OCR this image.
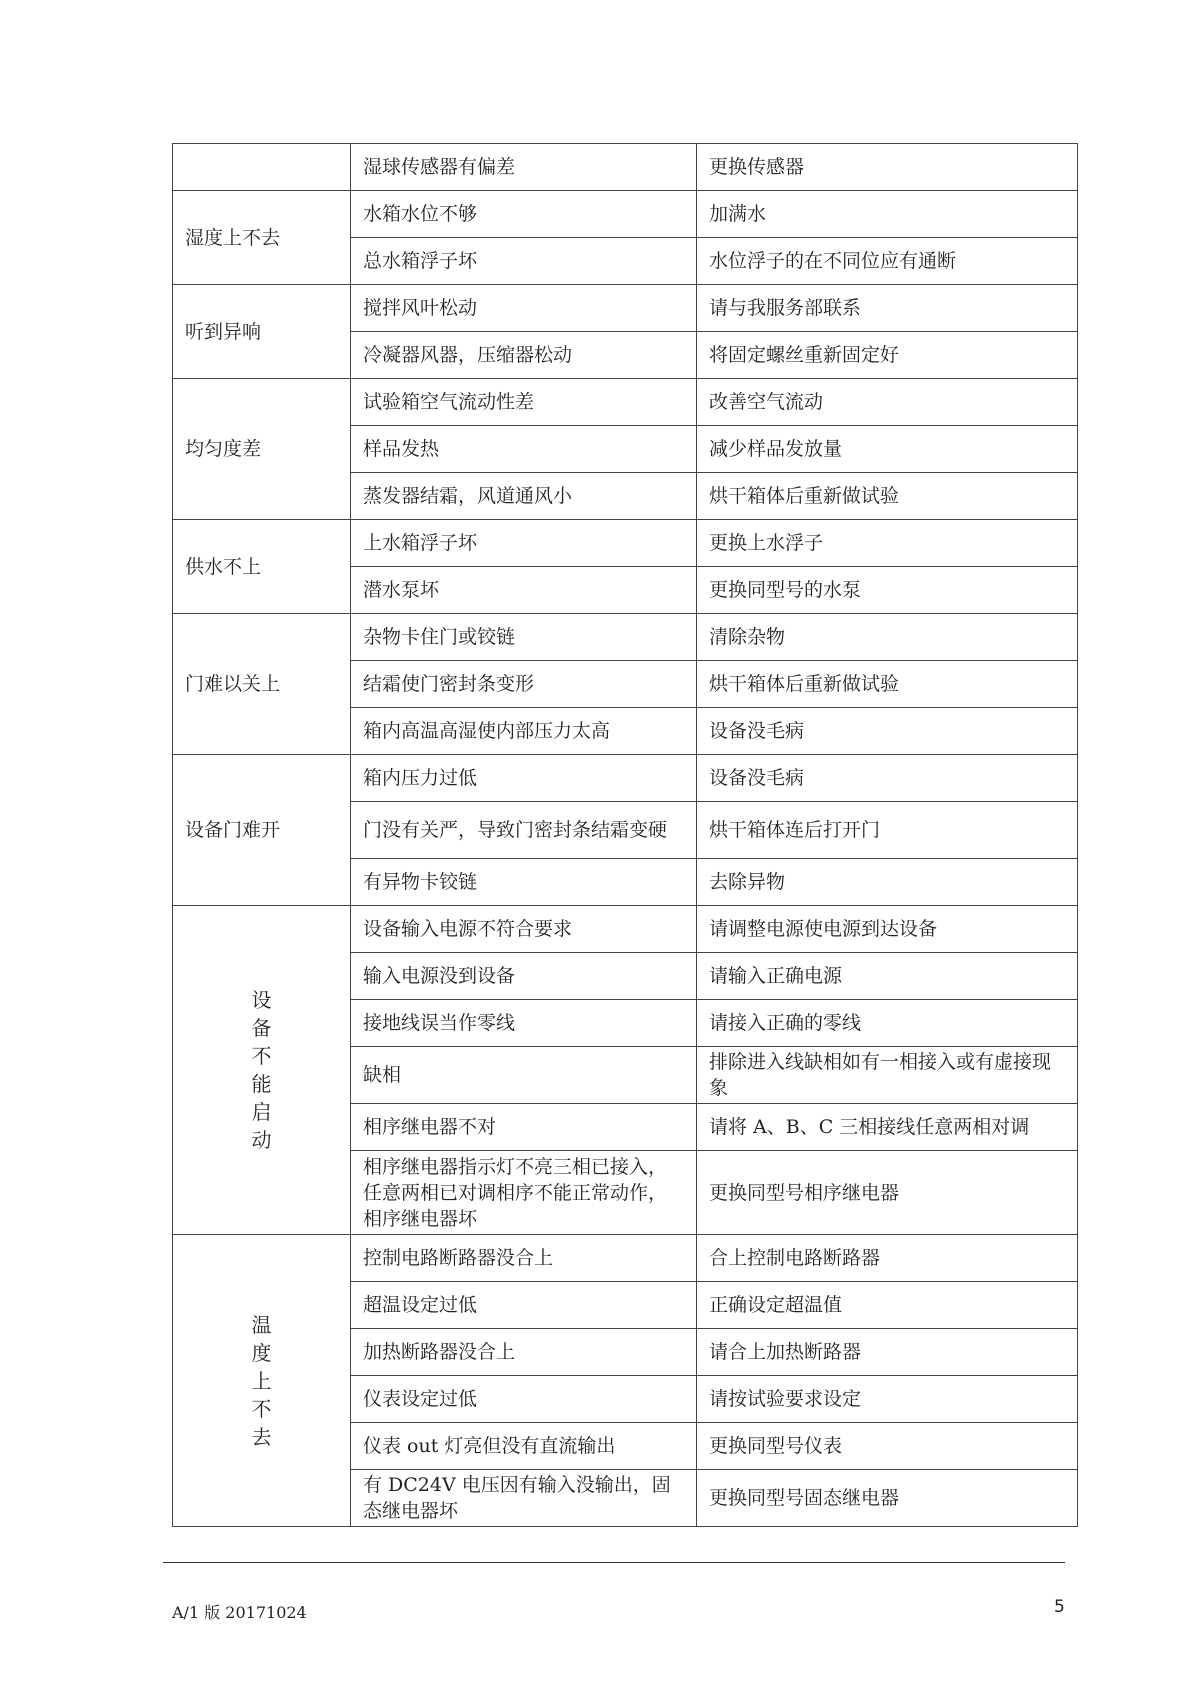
	湿球传感器有偏差	更换传感器
湿度上不去	水箱水位不够	加满水
	总水箱浮子坏	水位浮子的在不同位应有通断
听到异响	搅拌风叶松动	请与我服务部联系
	冷凝器风器，压缩器松动	将固定螺丝重新固定好
均匀度差	试验箱空气流动性差	改善空气流动
	样品发热	减少样品发放量
	蒸发器结霜，风道通风小	烘干箱体后重新做试验
供水不上	上水箱浮子坏	更换上水浮子
	潜水泵坏	更换同型号的水泵
门难以关上	杂物卡住门或铰链	清除杂物
	结霜使门密封条变形	烘干箱体后重新做试验
	箱内高温高湿使内部压力太高	设备没毛病
设备门难开	箱内压力过低	设备没毛病
	门没有关严，导致门密封条结霜变硬	烘干箱体连后打开门
	有异物卡铰链	去除异物
设备不能启动	设备输入电源不符合要求	请调整电源使电源到达设备
	输入电源没到设备	请输入正确电源
	接地线误当作零线	请接入正确的零线
	缺相	排除进入线缺相如有一相接入或有虚接现象
	相序继电器不对	请将 A、B、C 三相接线任意两相对调
	相序继电器指示灯不亮三相已接入，任意两相已对调相序不能正常动作，相序继电器坏	更换同型号相序继电器
温度上不去	控制电路断路器没合上	合上控制电路断路器
	超温设定过低	正确设定超温值
	加热断路器没合上	请合上加热断路器
	仪表设定过低	请按试验要求设定
	仪表 out 灯亮但没有直流输出	更换同型号仪表
	有 DC24V 电压因有输入没输出，固态继电器坏	更换同型号固态继电器
A/1 版 20171024	5
